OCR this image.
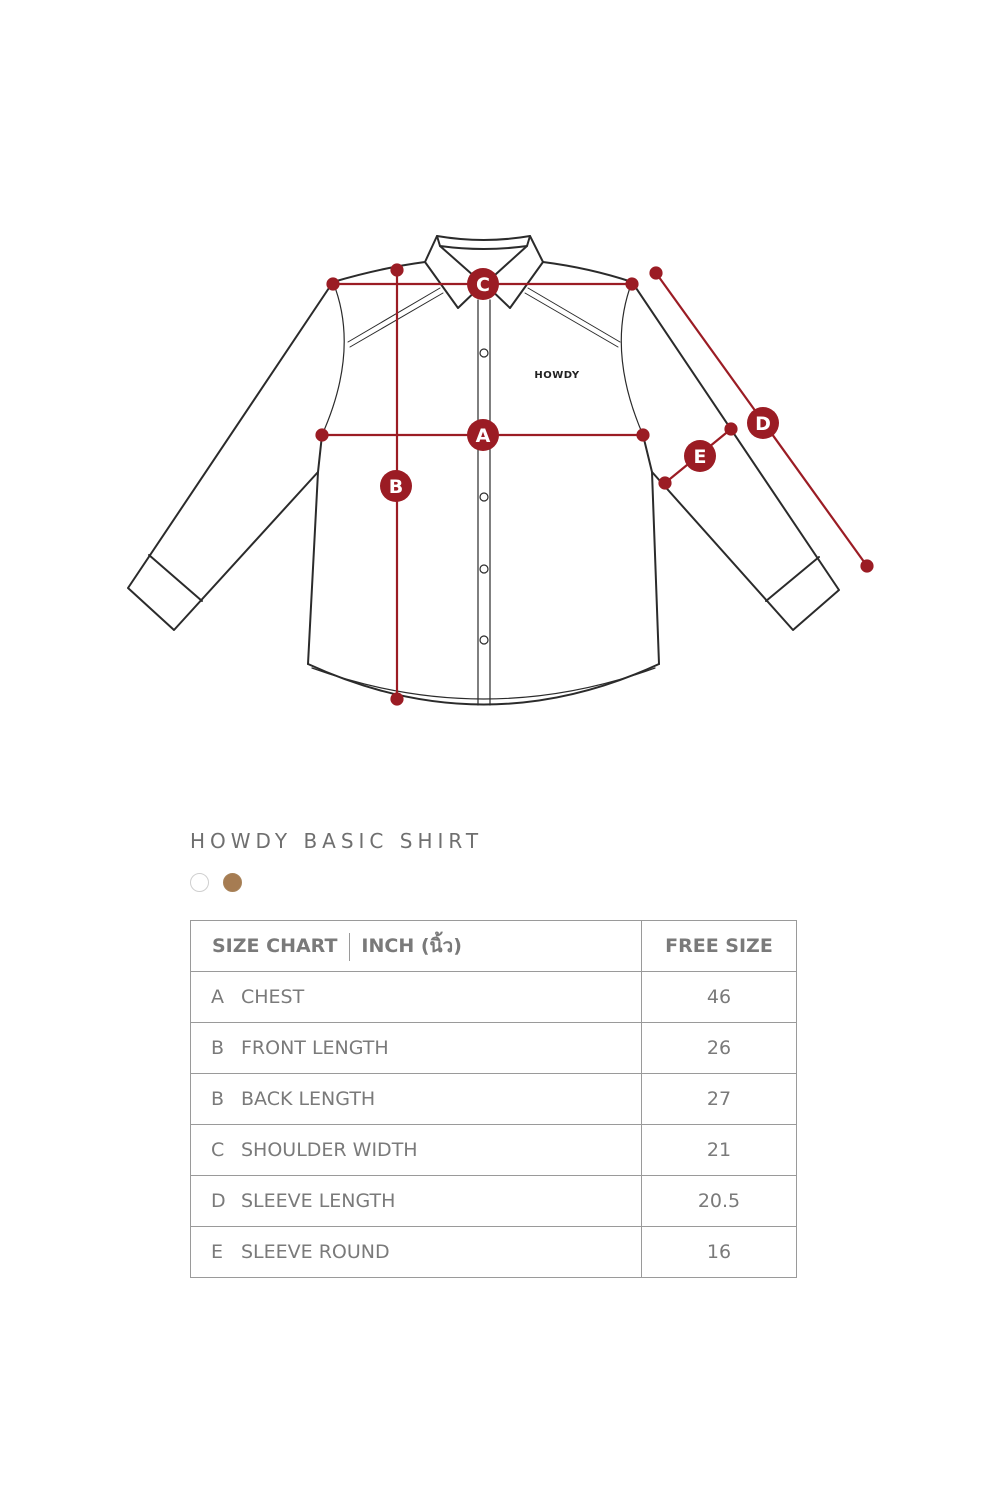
HOWDY
C
A
B
D
E
HOWDY BASIC SHIRT
SIZE CHART INCH (นิ้ว)	FREE SIZE
A CHEST	46
B FRONT LENGTH	26
B BACK LENGTH	27
C SHOULDER WIDTH	21
D SLEEVE LENGTH	20.5
E SLEEVE ROUND	16
